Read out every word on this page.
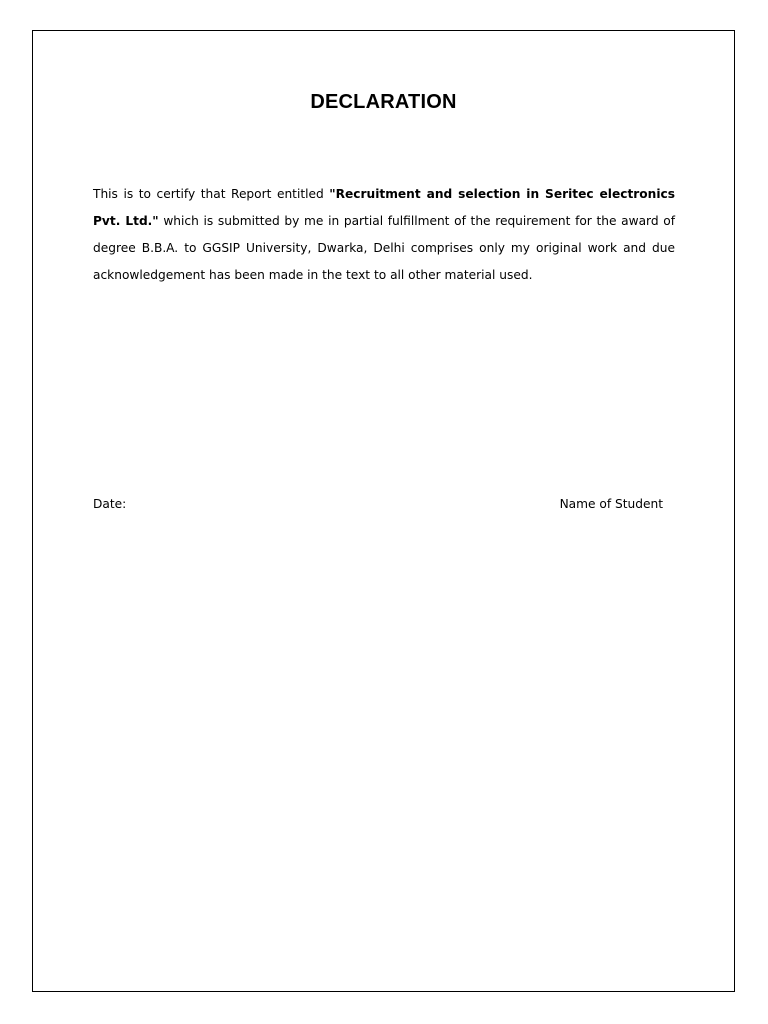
DECLARATION
This is to certify that Report entitled "Recruitment and selection in Seritec electronics Pvt. Ltd." which is submitted by me in partial fulfillment of the requirement for the award of degree B.B.A. to GGSIP University, Dwarka, Delhi comprises only my original work and due acknowledgement has been made in the text to all other material used.
Date:	Name of Student
